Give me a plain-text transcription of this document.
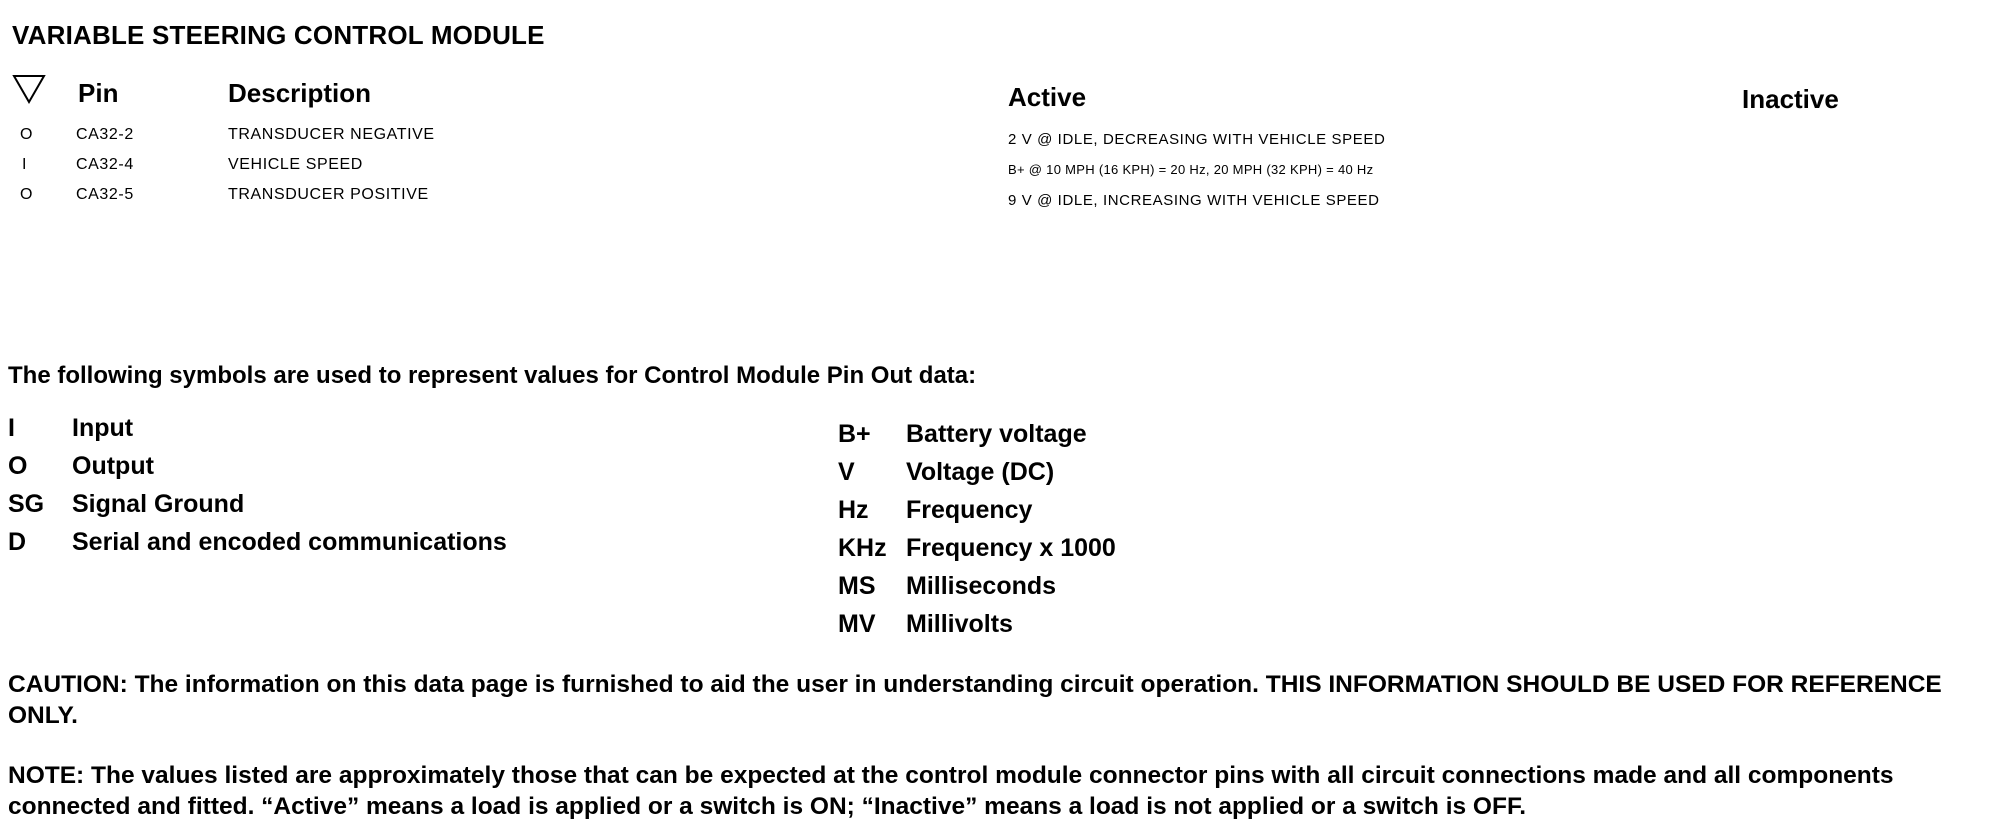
VARIABLE STEERING CONTROL MODULE
Pin	Description	Active	Inactive
O	CA32-2	TRANSDUCER NEGATIVE	2 V @ IDLE, DECREASING WITH VEHICLE SPEED
I	CA32-4	VEHICLE SPEED	B+ @ 10 MPH (16 KPH) = 20 Hz, 20 MPH (32 KPH) = 40 Hz
O	CA32-5	TRANSDUCER POSITIVE	9 V @ IDLE, INCREASING WITH VEHICLE SPEED
The following symbols are used to represent values for Control Module Pin Out data:
I Input
O Output
SG Signal Ground
D Serial and encoded communications
B+ Battery voltage
V Voltage (DC)
Hz Frequency
KHz Frequency x 1000
MS Milliseconds
MV Millivolts
CAUTION: The information on this data page is furnished to aid the user in understanding circuit operation. THIS INFORMATION SHOULD BE USED FOR REFERENCE ONLY.
NOTE: The values listed are approximately those that can be expected at the control module connector pins with all circuit connections made and all components connected and fitted. “Active” means a load is applied or a switch is ON; “Inactive” means a load is not applied or a switch is OFF.
